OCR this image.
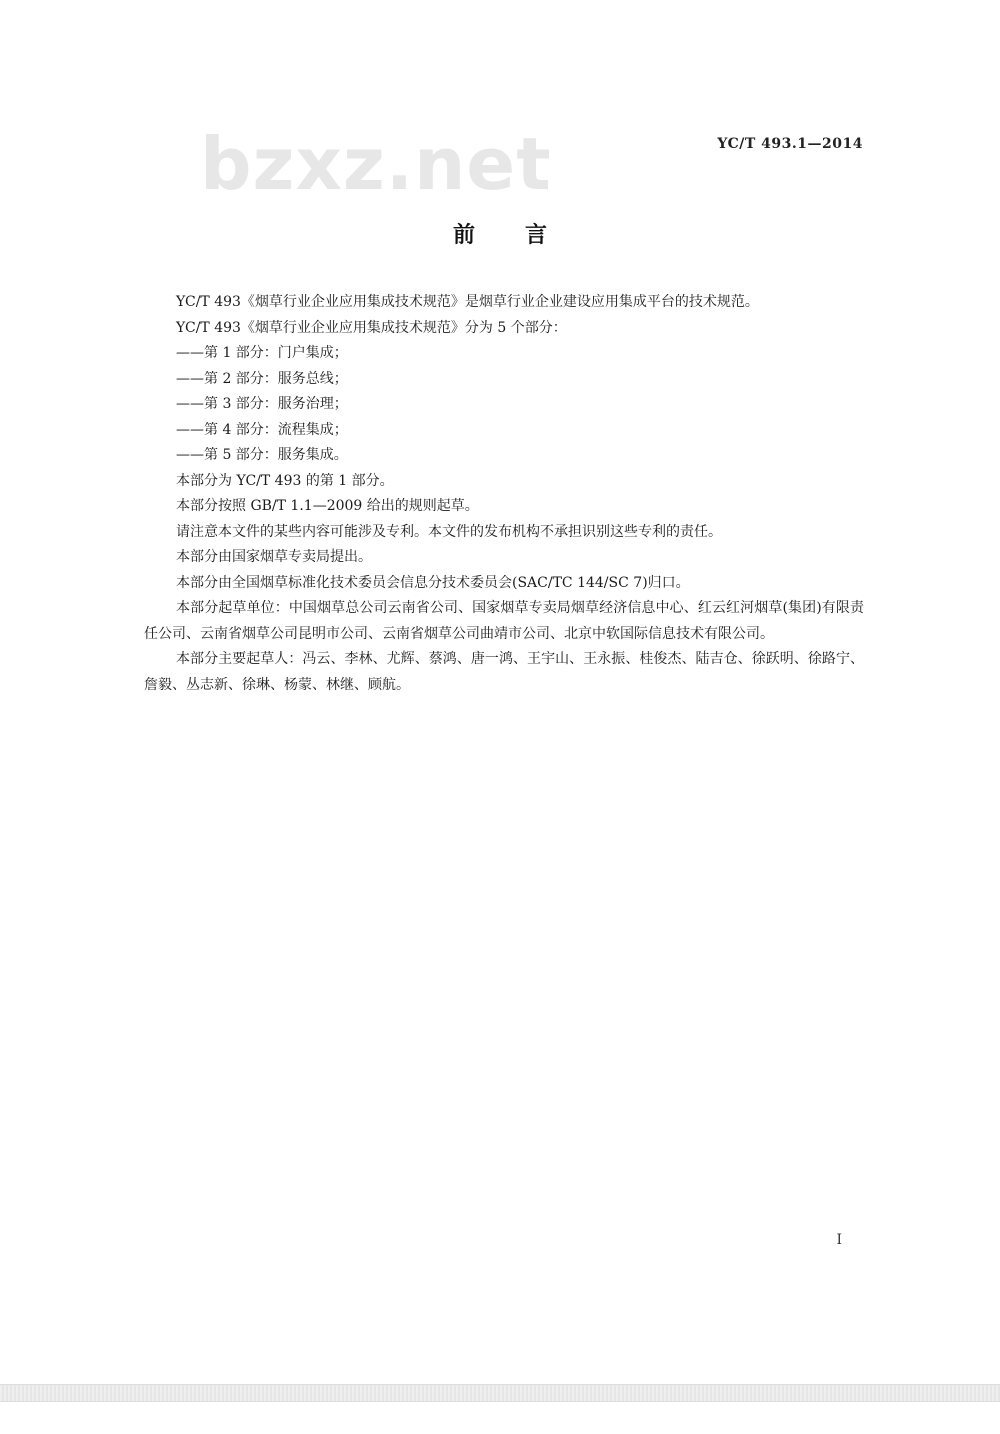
YC/T 493.1—2014
bzxz.net
前言

YC/T 493《烟草行业企业应用集成技术规范》是烟草行业企业建设应用集成平台的技术规范。

YC/T 493《烟草行业企业应用集成技术规范》分为 5 个部分：

——第 1 部分：门户集成；

——第 2 部分：服务总线；

——第 3 部分：服务治理；

——第 4 部分：流程集成；

——第 5 部分：服务集成。

本部分为 YC/T 493 的第 1 部分。

本部分按照 GB/T 1.1—2009 给出的规则起草。

请注意本文件的某些内容可能涉及专利。本文件的发布机构不承担识别这些专利的责任。

本部分由国家烟草专卖局提出。

本部分由全国烟草标准化技术委员会信息分技术委员会(SAC/TC 144/SC 7)归口。

本部分起草单位：中国烟草总公司云南省公司、国家烟草专卖局烟草经济信息中心、红云红河烟草(集团)有限责任公司、云南省烟草公司昆明市公司、云南省烟草公司曲靖市公司、北京中软国际信息技术有限公司。

本部分主要起草人：冯云、李林、尤辉、蔡鸿、唐一鸿、王宇山、王永振、桂俊杰、陆吉仓、徐跃明、徐路宁、詹毅、丛志新、徐琳、杨蒙、林继、顾航。

I
